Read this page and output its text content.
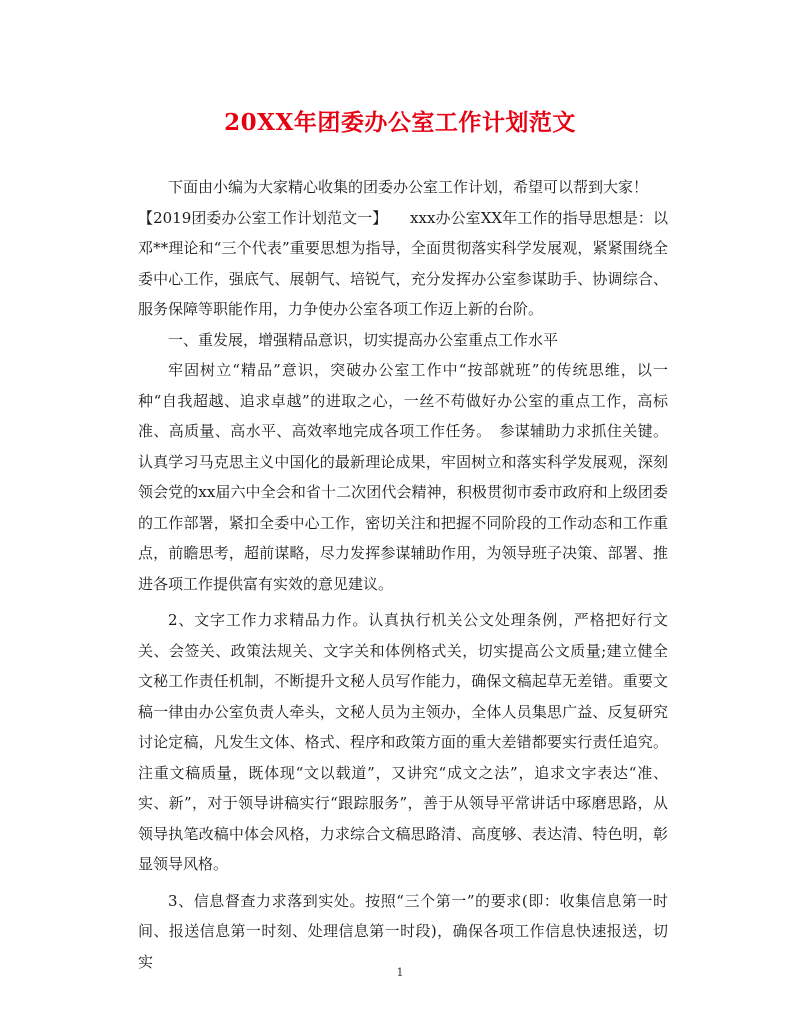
20XX年团委办公室工作计划范文

下面由小编为大家精心收集的团委办公室工作计划，希望可以帮到大家！

【2019团委办公室工作计划范文一】　　xxx办公室XX年工作的指导思想是：以邓**理论和“三个代表”重要思想为指导，全面贯彻落实科学发展观，紧紧围绕全委中心工作，强底气、展朝气、培锐气，充分发挥办公室参谋助手、协调综合、服务保障等职能作用，力争使办公室各项工作迈上新的台阶。

一、重发展，增强精品意识，切实提高办公室重点工作水平

牢固树立“精品”意识，突破办公室工作中“按部就班”的传统思维，以一种“自我超越、追求卓越”的进取之心，一丝不苟做好办公室的重点工作，高标准、高质量、高水平、高效率地完成各项工作任务。　参谋辅助力求抓住关键。认真学习马克思主义中国化的最新理论成果，牢固树立和落实科学发展观，深刻领会党的xx届六中全会和省十二次团代会精神，积极贯彻市委市政府和上级团委的工作部署，紧扣全委中心工作，密切关注和把握不同阶段的工作动态和工作重点，前瞻思考，超前谋略，尽力发挥参谋辅助作用，为领导班子决策、部署、推进各项工作提供富有实效的意见建议。

2、文字工作力求精品力作。认真执行机关公文处理条例，严格把好行文关、会签关、政策法规关、文字关和体例格式关，切实提高公文质量;建立健全文秘工作责任机制，不断提升文秘人员写作能力，确保文稿起草无差错。重要文稿一律由办公室负责人牵头，文秘人员为主领办，全体人员集思广益、反复研究讨论定稿，凡发生文体、格式、程序和政策方面的重大差错都要实行责任追究。注重文稿质量，既体现“文以载道”，又讲究“成文之法”，追求文字表达“准、实、新”，对于领导讲稿实行“跟踪服务”，善于从领导平常讲话中琢磨思路，从领导执笔改稿中体会风格，力求综合文稿思路清、高度够、表达清、特色明，彰显领导风格。

3、信息督查力求落到实处。按照“三个第一”的要求(即：收集信息第一时间、报送信息第一时刻、处理信息第一时段)，确保各项工作信息快速报送，切实

1
